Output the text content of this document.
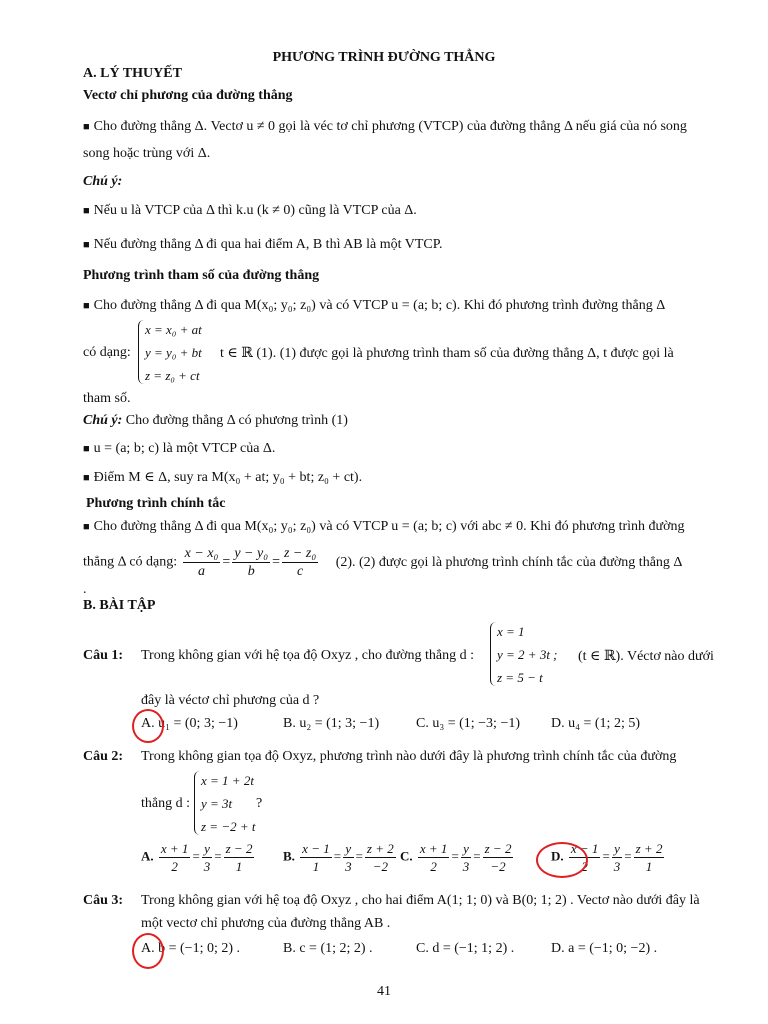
PHƯƠNG TRÌNH ĐƯỜNG THẲNG
A. LÝ THUYẾT
Vectơ chỉ phương của đường thẳng
■ Cho đường thẳng Δ. Vectơ u ≠ 0 gọi là véc tơ chỉ phương (VTCP) của đường thẳng Δ nếu giá của nó song
song hoặc trùng với Δ.
Chú ý:
■ Nếu u là VTCP của Δ thì k.u (k ≠ 0) cũng là VTCP của Δ.
■ Nếu đường thẳng Δ đi qua hai điểm A, B thì AB là một VTCP.
Phương trình tham số của đường thẳng
■ Cho đường thẳng Δ đi qua M(x₀; y₀; z₀) và có VTCP u = (a; b; c). Khi đó phương trình đường thẳng Δ
có dạng:
x = x₀ + at
y = y₀ + bt
z = z₀ + ct
t ∈ ℝ (1). (1) được gọi là phương trình tham số của đường thẳng Δ, t được gọi là
tham số.
Chú ý: Cho đường thẳng Δ có phương trình (1)
■ u = (a; b; c) là một VTCP của Δ.
■ Điểm M ∈ Δ, suy ra M(x₀ + at; y₀ + bt; z₀ + ct).
Phương trình chính tắc
■ Cho đường thẳng Δ đi qua M(x₀; y₀; z₀) và có VTCP u = (a; b; c) với abc ≠ 0. Khi đó phương trình đường
thẳng Δ có dạng: $\frac{\text{x − x₀}}{a} = \frac{\text{y − y₀}}{b} = \frac{\text{z − z₀}}{c} (2)$. (2) được gọi là phương trình chính tắc của đường thẳng Δ
.
B. BÀI TẬP
Câu 1: Trong không gian với hệ tọa độ Oxyz , cho đường thẳng d :
x = 1
y = 2 + 3t ;
z = 5 − t
(t ∈ ℝ). Véctơ nào dưới
đây là véctơ chỉ phương của d ?
A. u₁ = (0; 3; −1)	B. u₂ = (1; 3; −1)	C. u₃ = (1; −3; −1) D. u₄ = (1; 2; 5)
Câu 2: Trong không gian tọa độ Oxyz, phương trình nào dưới đây là phương trình chính tắc của đường
thẳng d :
x = 1 + 2t
y = 3t
z = −2 + t
?
A. $\frac{x + 1}{2} = \frac{y}{3} = \frac{z - 2}{1} B$. $\frac{x - 1}{1} = \frac{y}{3} = \frac{z + 2}{-2} C$. $\frac{x + 1}{2} = \frac{y}{3} = \frac{z - 2}{-2}$	D. $\frac{x - 1}{2} = \frac{y}{3} = \frac{z + 2}{1}$
Câu 3: Trong không gian với hệ toạ độ Oxyz , cho hai điểm A(1; 1; 0) và B(0; 1; 2) . Vectơ nào dưới đây là
một vectơ chỉ phương của đường thẳng AB .
A. b = (−1; 0; 2) .	B. c = (1; 2; 2) .	C. d = (−1; 1; 2) .	D. a = (−1; 0; −2) .
41
